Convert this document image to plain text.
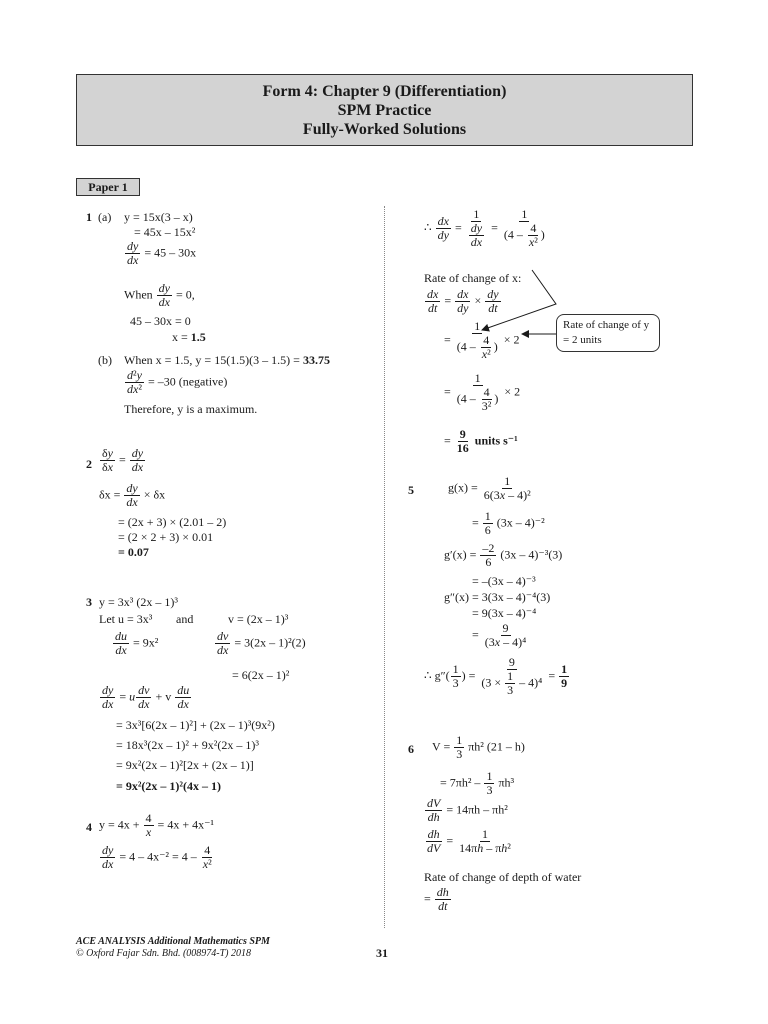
Form 4: Chapter 9 (Differentiation)
SPM Practice
Fully-Worked Solutions
Paper 1
1 (a) y = 15x(3 – x)
= 45x – 15x²
$\frac{dy}{dx} = 45 - 30x$
When $\frac{dy}{dx} = 0$,
45 – 30x = 0
x = 1.5
(b) When x = 1.5, y = 15(1.5)(3 – 1.5) = 33.75
$\frac{\text{d²y}}{\text{dx²}} = -30$ (negative)
Therefore, y is a maximum.
$2 \frac{\delta y}{\delta x} = \frac{dy}{dx}$
$\delta x = \frac{dy}{dx} \times \delta x$
= (2x + 3) × (2.01 – 2)
= (2 × 2 + 3) × 0.01
= 0.07
3 y = 3x³ (2x – 1)³
Let u = 3x³ and	v = (2x – 1)³
$\frac{du}{dx} = 9x^2$	$\frac{dv}{dx} = 3(2x - 1)^2(2)$
= 6(2x – 1)²
$\frac{dy}{dx} = u \frac{dv}{dx} + v \frac{du}{dx}$
= 3x³[6(2x – 1)²] + (2x – 1)³(9x²)
= 18x³(2x – 1)² + 9x²(2x – 1)³
= 9x²(2x – 1)²[2x + (2x – 1)]
= 9x²(2x – 1)²(4x – 1)
4 $y = 4x + \frac{4}{x} = 4x + 4x^{-1}$
$\frac{dy}{dx} = 4 - 4x^{-2} = 4 - \frac{4}{\text{x²}}$
∴ $\frac{dx}{dy} = \frac{1}{\frac{dy}{dx}} = \frac{1}{(4 - \frac{4}{\text{x²}} )}$
Rate of change of x:
$\frac{dx}{dt} = \frac{dx}{dy} \times \frac{dy}{dt}$
= $\frac{1}{(4 - \frac{4}{\text{x²}} )} \times 2$
= $\frac{1}{(4 - \frac{4}{\text{3²}} )} \times 2$
= $\frac{9}{16}$ units s⁻¹
Rate of change of y = 2 units
5	$g(x) = \frac{1}{\text{6(3x – 4)²}}$
= $\frac{1}{6} (3x - 4)^{-2}$
$g'(x) = \frac{-2}{6} (3x - 4)^{-3}(3)$
= –(3x – 4)⁻³
g″(x) = 3(3x – 4)⁻⁴(3)
= 9(3x – 4)⁻⁴
= $\frac{9}{\text{(3x – 4)⁴}}$
∴ $g''( \frac{1}{3}$ ) = $\frac{9}{(3 \times \frac{1}{3} - 4)^4} = \frac{1}{9}$
6 $V = \frac{1}{3} \pi h^2$ (21 – h)
= $7\pi h^2 - \frac{1}{3} \pi h^3$
$\frac{dV}{dh} = 14\pi h - \pi h^2$
$\frac{dh}{dV} = \frac{1}{\text{14πh – πh²}}$
Rate of change of depth of water
= $\frac{dh}{dt}$
ACE ANALYSIS Additional Mathematics SPM
© Oxford Fajar Sdn. Bhd. (008974-T) 2018	31
